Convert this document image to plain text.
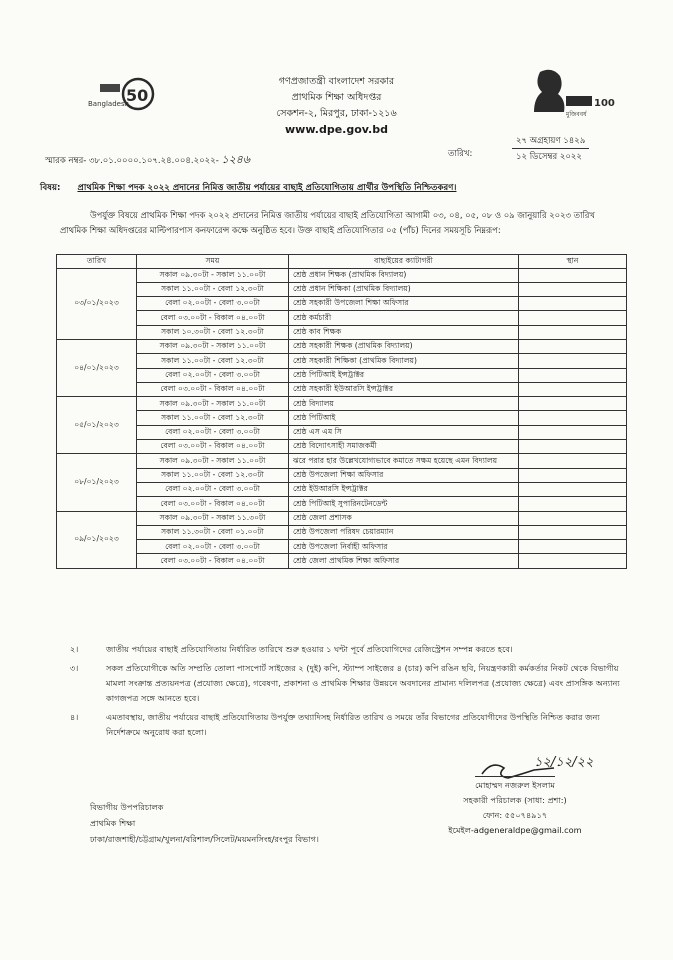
50
Bangladesh
গণপ্রজাতন্ত্রী বাংলাদেশ সরকার
প্রাথমিক শিক্ষা অধিদপ্তর
সেকশন-২, মিরপুর, ঢাকা-১২১৬
www.dpe.gov.bd
100
মুজিববর্ষ
স্মারক নম্বর- ৩৮.০১.০০০০.১০৭.২৪.০০৪.২০২২- ১২৪৬	তারিখ:
২৭ অগ্রহায়ণ ১৪২৯
১২ ডিসেম্বর ২০২২
বিষয়: প্রাথমিক শিক্ষা পদক ২০২২ প্রদানের নিমিত্ত জাতীয় পর্যায়ের বাছাই প্রতিযোগিতায় প্রার্থীর উপস্থিতি নিশ্চিতকরণ।
উপর্যুক্ত বিষয়ে প্রাথমিক শিক্ষা পদক ২০২২ প্রদানের নিমিত্ত জাতীয় পর্যায়ের বাছাই প্রতিযোগিতা আগামী ০৩, ০৪, ০৫, ০৮ ও ০৯ জানুয়ারি ২০২৩ তারিখ প্রাথমিক শিক্ষা অধিদপ্তরের মাল্টিপারপাস কনফারেন্স কক্ষে অনুষ্ঠিত হবে। উক্ত বাছাই প্রতিযোগিতার ০৫ (পাঁচ) দিনের সময়সূচি নিম্নরূপ:
তারিখ	সময়	বাছাইয়ের ক্যাটাগরী	স্থান
০৩/০১/২০২৩	সকাল ০৯.৩০টা - সকাল ১১.০০টা	শ্রেষ্ঠ প্রধান শিক্ষক (প্রাথমিক বিদ্যালয়)	
	সকাল ১১.০০টা - বেলা ১২.৩০টা	শ্রেষ্ঠ প্রধান শিক্ষিকা (প্রাথমিক বিদ্যালয়)	
	বেলা ০২.০০টা - বেলা ৩.০০টা	শ্রেষ্ঠ সহকারী উপজেলা শিক্ষা অফিসার	
	বেলা ০৩.০০টা - বিকাল ০৪.০০টা	শ্রেষ্ঠ কর্মচারী	
	সকাল ১০.৩০টা - বেলা ১২.৩০টা	শ্রেষ্ঠ কাব শিক্ষক	
০৪/০১/২০২৩	সকাল ০৯.৩০টা - সকাল ১১.০০টা	শ্রেষ্ঠ সহকারী শিক্ষক (প্রাথমিক বিদ্যালয়)	
	সকাল ১১.০০টা - বেলা ১২.৩০টা	শ্রেষ্ঠ সহকারী শিক্ষিকা (প্রাথমিক বিদ্যালয়)	
	বেলা ০২.০০টা - বেলা ৩.০০টা	শ্রেষ্ঠ পিটিআই ইন্সট্রাক্টর	
	বেলা ০৩.০০টা - বিকাল ০৪.০০টা	শ্রেষ্ঠ সহকারী ইউআরসি ইন্সট্রাক্টর	
০৫/০১/২০২৩	সকাল ০৯.৩০টা - সকাল ১১.০০টা	শ্রেষ্ঠ বিদ্যালয়	
	সকাল ১১.০০টা - বেলা ১২.৩০টা	শ্রেষ্ঠ পিটিআই	
	বেলা ০২.০০টা - বেলা ৩.০০টা	শ্রেষ্ঠ এস এম সি	
	বেলা ০৩.০০টা - বিকাল ০৪.০০টা	শ্রেষ্ঠ বিদ্যোৎসাহী সমাজকর্মী	
০৮/০১/২০২৩	সকাল ০৯.৩০টা - সকাল ১১.০০টা	ঝরে পরার হার উল্লেখযোগ্যভাবে কমাতে সক্ষম হয়েছে এমন বিদ্যালয়	
	সকাল ১১.০০টা - বেলা ১২.৩০টা	শ্রেষ্ঠ উপজেলা শিক্ষা অফিসার	
	বেলা ০২.০০টা - বেলা ৩.০০টা	শ্রেষ্ঠ ইউআরসি ইন্সট্রাক্টর	
	বেলা ০৩.০০টা - বিকাল ০৪.০০টা	শ্রেষ্ঠ পিটিআই সুপারিনটেনডেন্ট	
০৯/০১/২০২৩	সকাল ০৯.৩০টা - সকাল ১১.৩০টা	শ্রেষ্ঠ জেলা প্রশাসক	
	সকাল ১১.৩০টা - বেলা ০১.০০টা	শ্রেষ্ঠ উপজেলা পরিষদ চেয়ারম্যান	
	বেলা ০২.০০টা - বেলা ৩.০০টা	শ্রেষ্ঠ উপজেলা নির্বাহী অফিসার	
	বেলা ০৩.০০টা - বিকাল ০৪.০০টা	শ্রেষ্ঠ জেলা প্রাথমিক শিক্ষা অফিসার	
২।	জাতীয় পর্যায়ের বাছাই প্রতিযোগিতায় নির্ধারিত তারিখে শুরু হওয়ার ১ ঘন্টা পূর্বে প্রতিযোগিদের রেজিস্ট্রেশন সম্পন্ন করতে হবে।
৩।	সকল প্রতিযোগীকে অতি সম্প্রতি তোলা পাসপোর্ট সাইজের ২ (দুই) কপি, স্ট্যাম্প সাইজের ৪ (চার) কপি রঙিন ছবি, নিয়ন্ত্রণকারী কর্মকর্তার নিকট থেকে বিভাগীয় মামলা সংক্রান্ত প্রত্যয়নপত্র (প্রযোজ্য ক্ষেত্রে), গবেষণা, প্রকাশনা ও প্রাথমিক শিক্ষার উন্নয়নে অবদানের প্রামান্য দলিলপত্র (প্রযোজ্য ক্ষেত্রে) এবং প্রাসঙ্গিক অন্যান্য কাগজপত্র সঙ্গে আনতে হবে।
৪।	এমতাবস্থায়, জাতীয় পর্যায়ের বাছাই প্রতিযোগিতায় উপর্যুক্ত তথ্যাদিসহ নির্ধারিত তারিখ ও সময়ে তাঁর বিভাগের প্রতিযোগীদের উপস্থিতি নিশ্চিত করার জন্য নির্দেশক্রমে অনুরোধ করা হলো।
১২/১২/২২
মোহাম্মদ নজরুল ইসলাম
সহকারী পরিচালক (সাধা: প্রশা:)
ফোন: ৫৫০৭৪৯১৭
ইমেইল-adgeneraldpe@gmail.com
বিভাগীয় উপপরিচালক
প্রাথমিক শিক্ষা
ঢাকা/রাজশাহী/চট্টগ্রাম/খুলনা/বরিশাল/সিলেট/ময়মনসিংহ/রংপুর বিভাগ।
